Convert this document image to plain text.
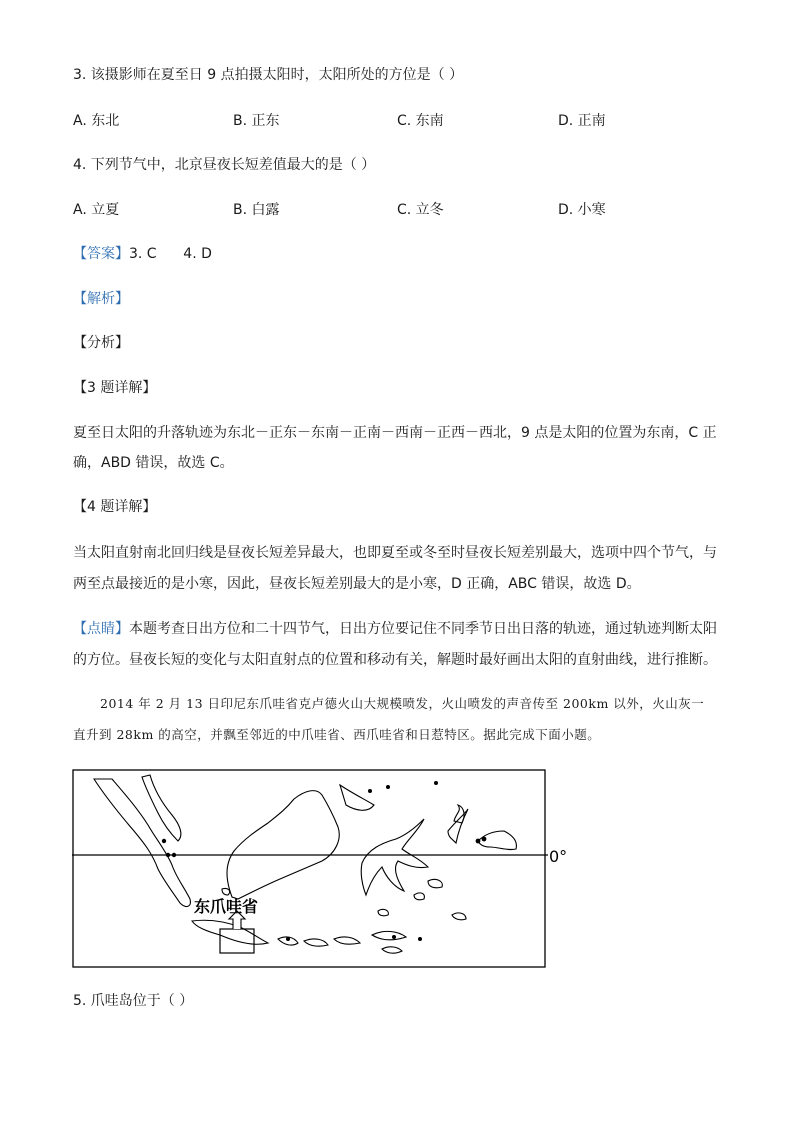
3. 该摄影师在夏至日 9 点拍摄太阳时，太阳所处的方位是（ ）
A. 东北	B. 正东	C. 东南	D. 正南
4. 下列节气中，北京昼夜长短差值最大的是（ ）
A. 立夏	B. 白露	C. 立冬	D. 小寒
【答案】3. C      4. D
【解析】
【分析】
【3 题详解】
夏至日太阳的升落轨迹为东北－正东－东南－正南－西南－正西－西北，9 点是太阳的位置为东南，C 正
确，ABD 错误，故选 C。
【4 题详解】
当太阳直射南北回归线是昼夜长短差异最大，也即夏至或冬至时昼夜长短差别最大，选项中四个节气，与
两至点最接近的是小寒，因此，昼夜长短差别最大的是小寒，D 正确，ABC 错误，故选 D。
【点睛】本题考查日出方位和二十四节气，日出方位要记住不同季节日出日落的轨迹，通过轨迹判断太阳
的方位。昼夜长短的变化与太阳直射点的位置和移动有关，解题时最好画出太阳的直射曲线，进行推断。
2014 年 2 月 13 日印尼东爪哇省克卢德火山大规模喷发，火山喷发的声音传至 200km 以外，火山灰一
直升到 28km 的高空，并飘至邻近的中爪哇省、西爪哇省和日惹特区。据此完成下面小题。
0°
东爪哇省
5. 爪哇岛位于（ ）
